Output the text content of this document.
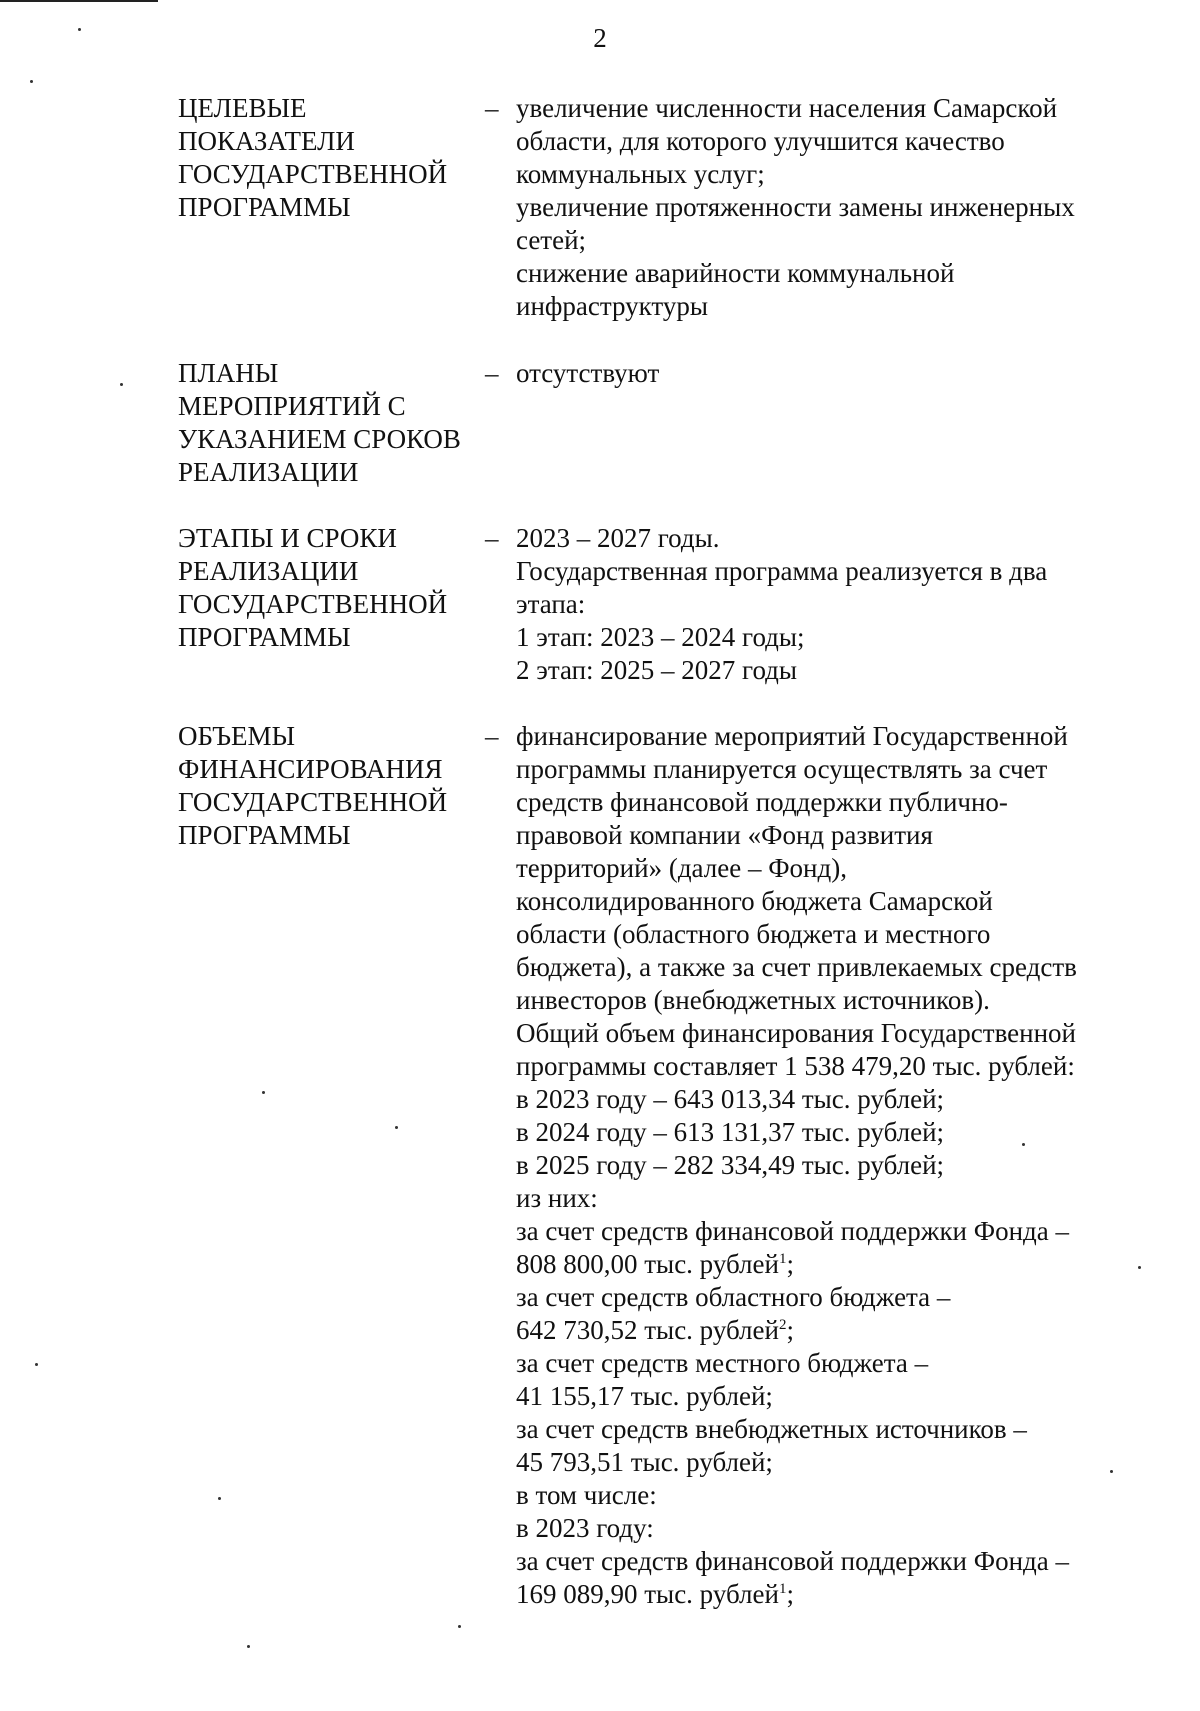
2
ЦЕЛЕВЫЕ
ПОКАЗАТЕЛИ
ГОСУДАРСТВЕННОЙ
ПРОГРАММЫ
– увеличение численности населения Самарской
области, для которого улучшится качество
коммунальных услуг;
увеличение протяженности замены инженерных
сетей;
снижение аварийности коммунальной
инфраструктуры
ПЛАНЫ
МЕРОПРИЯТИЙ С
УКАЗАНИЕМ СРОКОВ
РЕАЛИЗАЦИИ
– отсутствуют
ЭТАПЫ И СРОКИ
РЕАЛИЗАЦИИ
ГОСУДАРСТВЕННОЙ
ПРОГРАММЫ
– 2023 – 2027 годы.
Государственная программа реализуется в два
этапа:
1 этап: 2023 – 2024 годы;
2 этап: 2025 – 2027 годы
ОБЪЕМЫ
ФИНАНСИРОВАНИЯ
ГОСУДАРСТВЕННОЙ
ПРОГРАММЫ
– финансирование мероприятий Государственной
программы планируется осуществлять за счет
средств финансовой поддержки публично-
правовой компании «Фонд развития
территорий» (далее – Фонд),
консолидированного бюджета Самарской
области (областного бюджета и местного
бюджета), а также за счет привлекаемых средств
инвесторов (внебюджетных источников).
Общий объем финансирования Государственной
программы составляет 1 538 479,20 тыс. рублей:
в 2023 году – 643 013,34 тыс. рублей;
в 2024 году – 613 131,37 тыс. рублей;
в 2025 году – 282 334,49 тыс. рублей;
из них:
за счет средств финансовой поддержки Фонда –
808 800,00 тыс. рублей$^1$;
за счет средств областного бюджета –
642 730,52 тыс. рублей$^2$;
за счет средств местного бюджета –
41 155,17 тыс. рублей;
за счет средств внебюджетных источников –
45 793,51 тыс. рублей;
в том числе:
в 2023 году:
за счет средств финансовой поддержки Фонда –
169 089,90 тыс. рублей$^1$;
